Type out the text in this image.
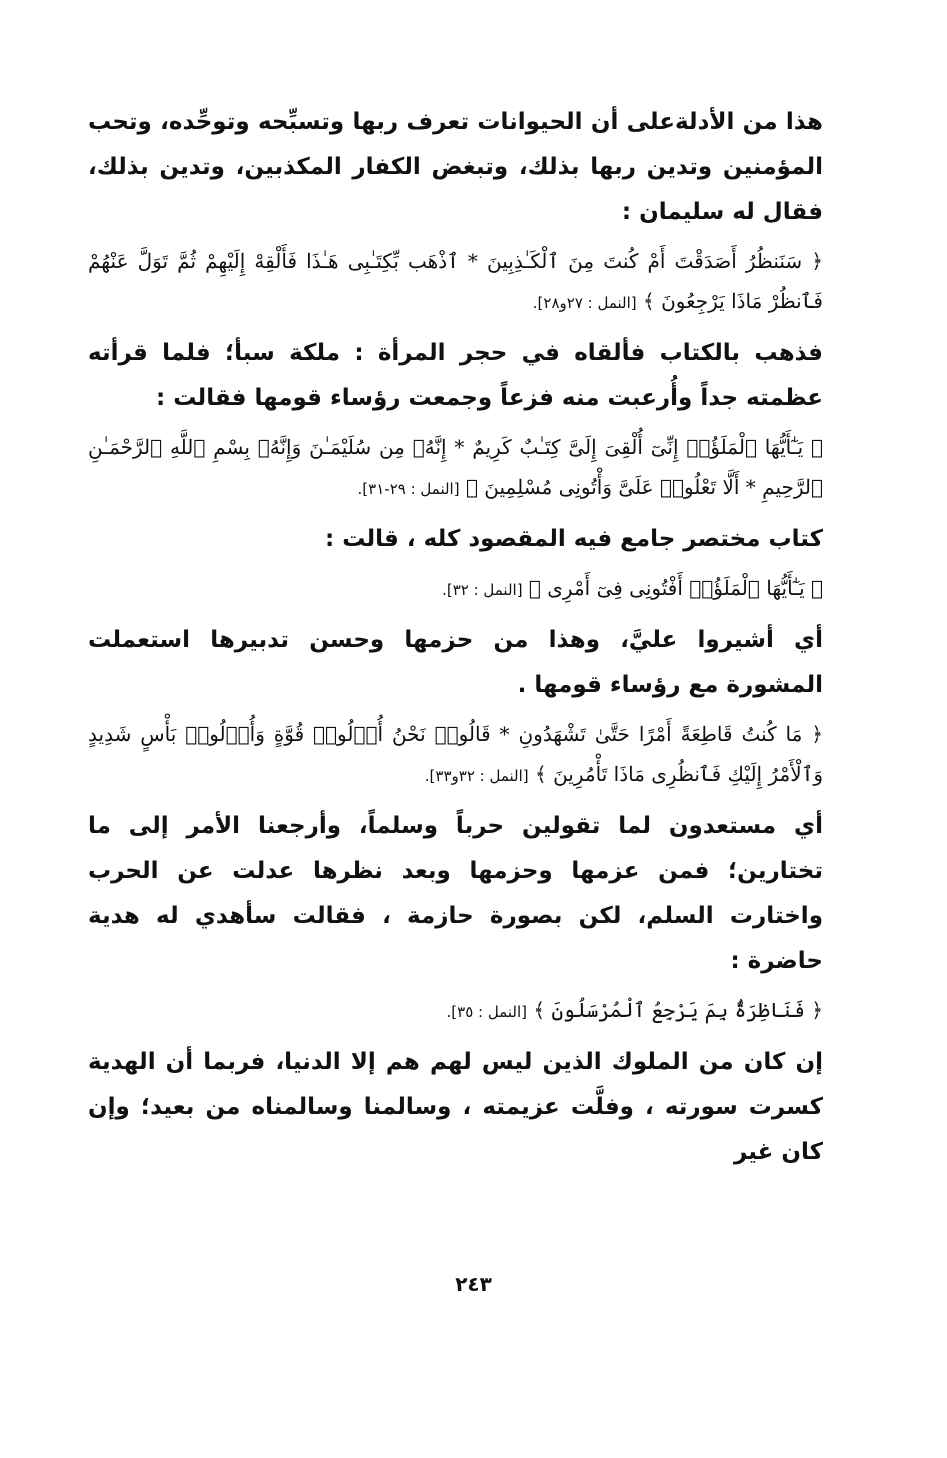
هذا من الأدلةعلى أن الحيوانات تعرف ربها وتسبِّحه وتوحِّده، وتحب المؤمنين وتدين ربها بذلك، وتبغض الكفار المكذبين، وتدين بذلك، فقال له سليمان :

﴿ سَنَنظُرُ أَصَدَقْتَ أَمْ كُنتَ مِنَ ٱلْكَـٰذِبِينَ * ٱذْهَب بِّكِتَـٰبِى هَـٰذَا فَأَلْقِهْ إِلَيْهِمْ ثُمَّ تَوَلَّ عَنْهُمْ فَٱنظُرْ مَاذَا يَرْجِعُونَ ﴾ [النمل : ٢٧و٢٨].

فذهب بالكتاب فألقاه في حجر المرأة : ملكة سبأ؛ فلما قرأته عظمته جداً وأُرعبت منه فزعاً وجمعت رؤساء قومها فقالت :

﴿ يَـٰٓأَيُّهَا ٱلْمَلَؤُا۟ إِنِّىٓ أُلْقِىَ إِلَىَّ كِتَـٰبٌ كَرِيمٌ * إِنَّهُۥ مِن سُلَيْمَـٰنَ وَإِنَّهُۥ بِسْمِ ٱللَّهِ ٱلرَّحْمَـٰنِ ٱلرَّحِيمِ * أَلَّا تَعْلُوا۟ عَلَىَّ وَأْتُونِى مُسْلِمِينَ ﴾ [النمل : ٢٩-٣١].

كتاب مختصر جامع فيه المقصود كله ، قالت :

﴿ يَـٰٓأَيُّهَا ٱلْمَلَؤُا۟ أَفْتُونِى فِىٓ أَمْرِى ﴾ [النمل : ٣٢].

أي أشيروا عليَّ، وهذا من حزمها وحسن تدبيرها استعملت المشورة مع رؤساء قومها .

﴿ مَا كُنتُ قَاطِعَةً أَمْرًا حَتَّىٰ تَشْهَدُونِ * قَالُوا۟ نَحْنُ أُو۟لُوا۟ قُوَّةٍ وَأُو۟لُوا۟ بَأْسٍ شَدِيدٍ وَٱلْأَمْرُ إِلَيْكِ فَٱنظُرِى مَاذَا تَأْمُرِينَ ﴾ [النمل : ٣٢و٣٣].

أي مستعدون لما تقولين حرباً وسلماً، وأرجعنا الأمر إلى ما تختارين؛ فمن عزمها وحزمها وبعد نظرها عدلت عن الحرب واختارت السلم، لكن بصورة حازمة ، فقالت سأهدي له هدية حاضرة :

﴿ فَنَاظِرَةٌۢ بِمَ يَرْجِعُ ٱلْمُرْسَلُونَ ﴾ [النمل : ٣٥].

إن كان من الملوك الذين ليس لهم هم إلا الدنيا، فربما أن الهدية كسرت سورته ، وفلَّت عزيمته ، وسالمنا وسالمناه من بعيد؛ وإن كان غير

٢٤٣
